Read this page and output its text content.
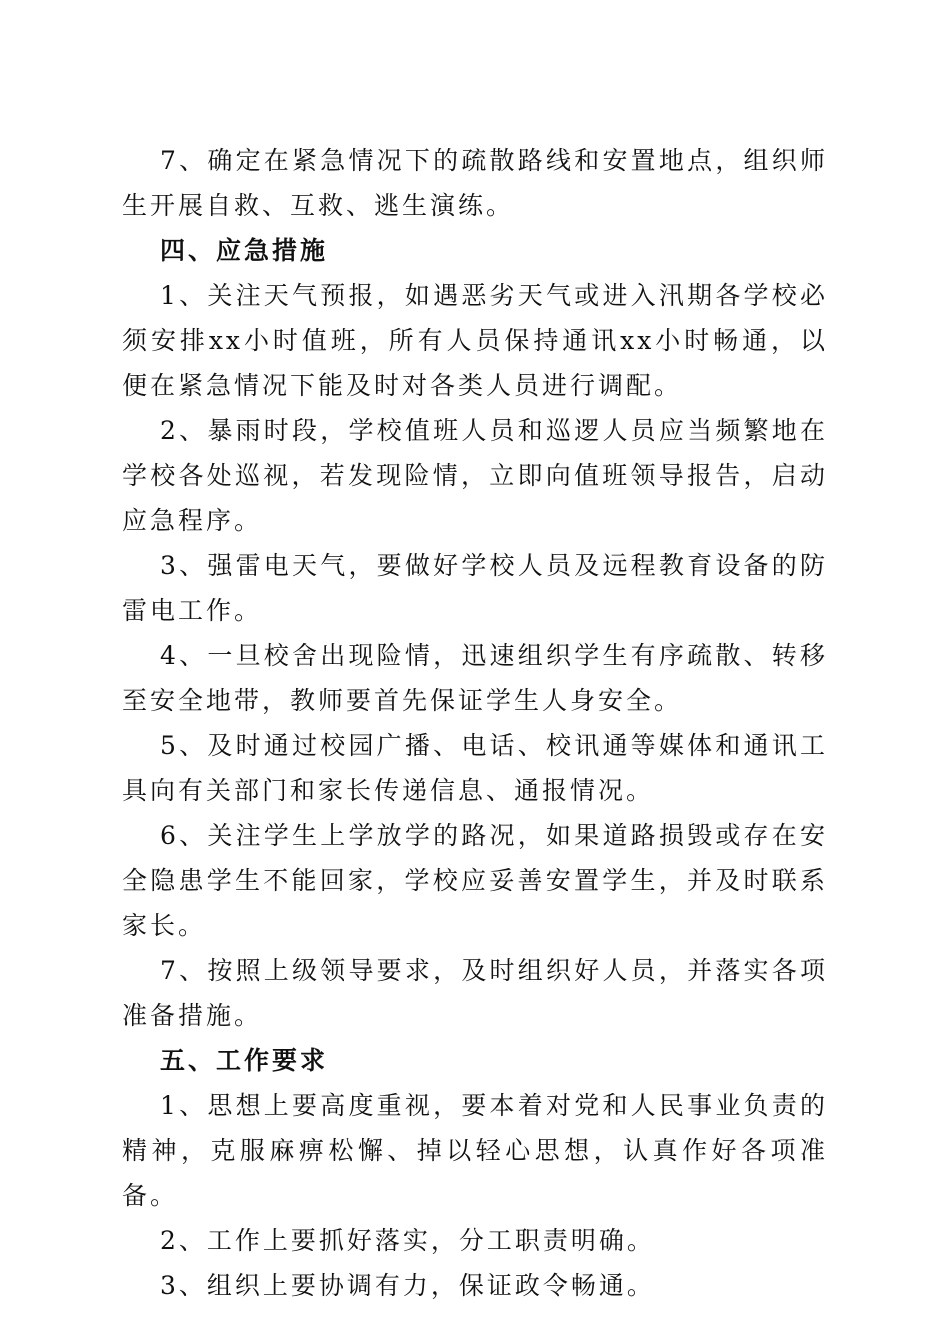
7、确定在紧急情况下的疏散路线和安置地点，组织师生开展自救、互救、逃生演练。

四、应急措施

1、关注天气预报，如遇恶劣天气或进入汛期各学校必须安排xx小时值班，所有人员保持通讯xx小时畅通，以便在紧急情况下能及时对各类人员进行调配。

2、暴雨时段，学校值班人员和巡逻人员应当频繁地在学校各处巡视，若发现险情，立即向值班领导报告，启动应急程序。

3、强雷电天气，要做好学校人员及远程教育设备的防雷电工作。

4、一旦校舍出现险情，迅速组织学生有序疏散、转移至安全地带，教师要首先保证学生人身安全。

5、及时通过校园广播、电话、校讯通等媒体和通讯工具向有关部门和家长传递信息、通报情况。

6、关注学生上学放学的路况，如果道路损毁或存在安全隐患学生不能回家，学校应妥善安置学生，并及时联系家长。

7、按照上级领导要求，及时组织好人员，并落实各项准备措施。

五、工作要求

1、思想上要高度重视，要本着对党和人民事业负责的精神，克服麻痹松懈、掉以轻心思想，认真作好各项准备。

2、工作上要抓好落实，分工职责明确。

3、组织上要协调有力，保证政令畅通。
